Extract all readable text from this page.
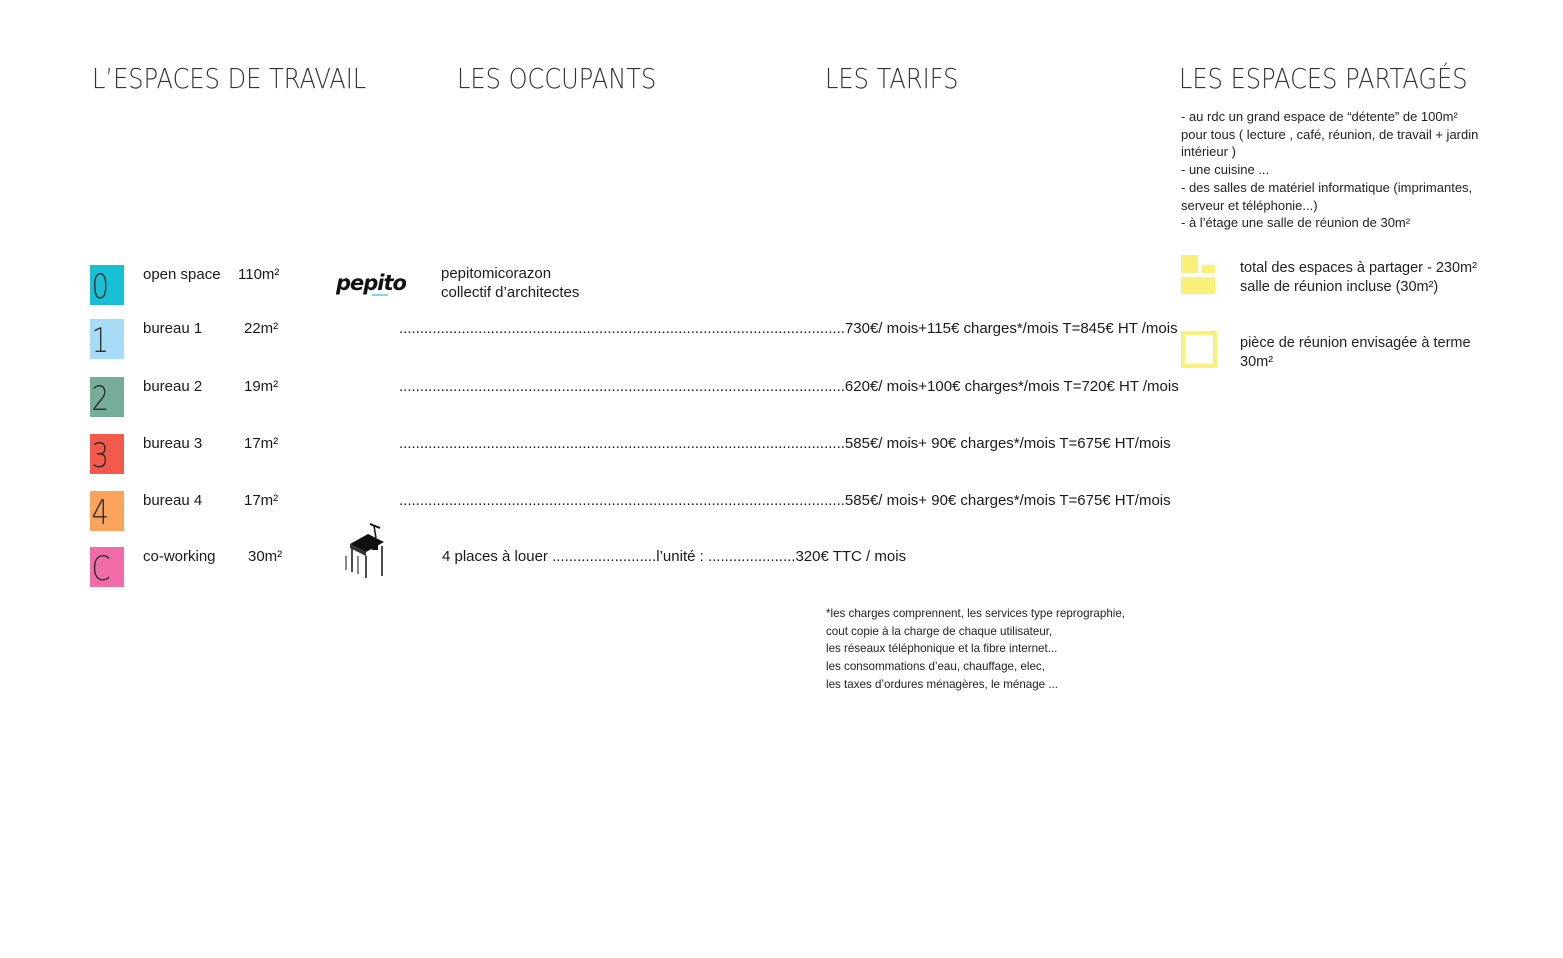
L’ESPACES DE TRAVAIL	LES OCCUPANTS	LES TARIFS	LES ESPACES PARTAGÉS
- au rdc un grand espace de “détente” de 100m²
pour tous ( lecture , café, réunion, de travail + jardin intérieur )
- une cuisine ...
- des salles de matériel informatique (imprimantes, serveur et téléphonie...)
- à l’étage une salle de réunion de 30m²
total des espaces à partager - 230m²
salle de réunion incluse (30m²)
pièce de réunion envisagée à terme
30m²
0	open space 110m²	pepito pepitomicorazon
collectif d’architectes
1	bureau 1	22m²	...........................................................................................................730€/ mois+115€ charges*/mois T=845€ HT /mois
2	bureau 2	19m²	...........................................................................................................620€/ mois+100€ charges*/mois T=720€ HT /mois
3	bureau 3	17m²	...........................................................................................................585€/ mois+ 90€ charges*/mois T=675€ HT/mois
4	bureau 4	17m²	...........................................................................................................585€/ mois+ 90€ charges*/mois T=675€ HT/mois
C	co-working 30m²	4 places à louer .........................l’unité : .....................320€ TTC / mois
*les charges comprennent, les services type reprographie,
cout copie à la charge de chaque utilisateur,
les réseaux téléphonique et la fibre internet...
les consommations d’eau, chauffage, elec,
les taxes d’ordures ménagères, le ménage ...
